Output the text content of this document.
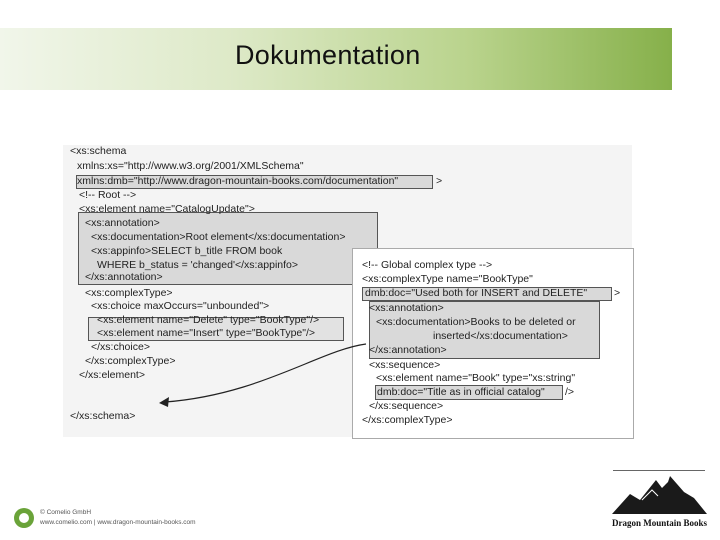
Dokumentation
<xs:schema
xmlns:xs="http://www.w3.org/2001/XMLSchema"
xmlns:dmb="http://www.dragon-mountain-books.com/documentation"	>
<!-- Root -->
<xs:element name="CatalogUpdate">
<xs:annotation>
<xs:documentation>Root element</xs:documentation>
<xs:appinfo>SELECT b_title FROM book
WHERE b_status = 'changed'</xs:appinfo>
</xs:annotation>
<xs:complexType>
<xs:choice maxOccurs="unbounded">
<xs:element name="Delete" type="BookType"/>
<xs:element name="Insert" type="BookType"/>
</xs:choice>
</xs:complexType>
</xs:element>
</xs:schema>
<!-- Global complex type -->
<xs:complexType name="BookType"
dmb:doc="Used both for INSERT and DELETE"	>
<xs:annotation>
<xs:documentation>Books to be deleted or
inserted</xs:documentation>
</xs:annotation>
<xs:sequence>
<xs:element name="Book" type="xs:string"
dmb:doc="Title as in official catalog" />
</xs:sequence>
</xs:complexType>
© Comelio GmbH
www.comelio.com | www.dragon-mountain-books.com	Dragon Mountain Books
